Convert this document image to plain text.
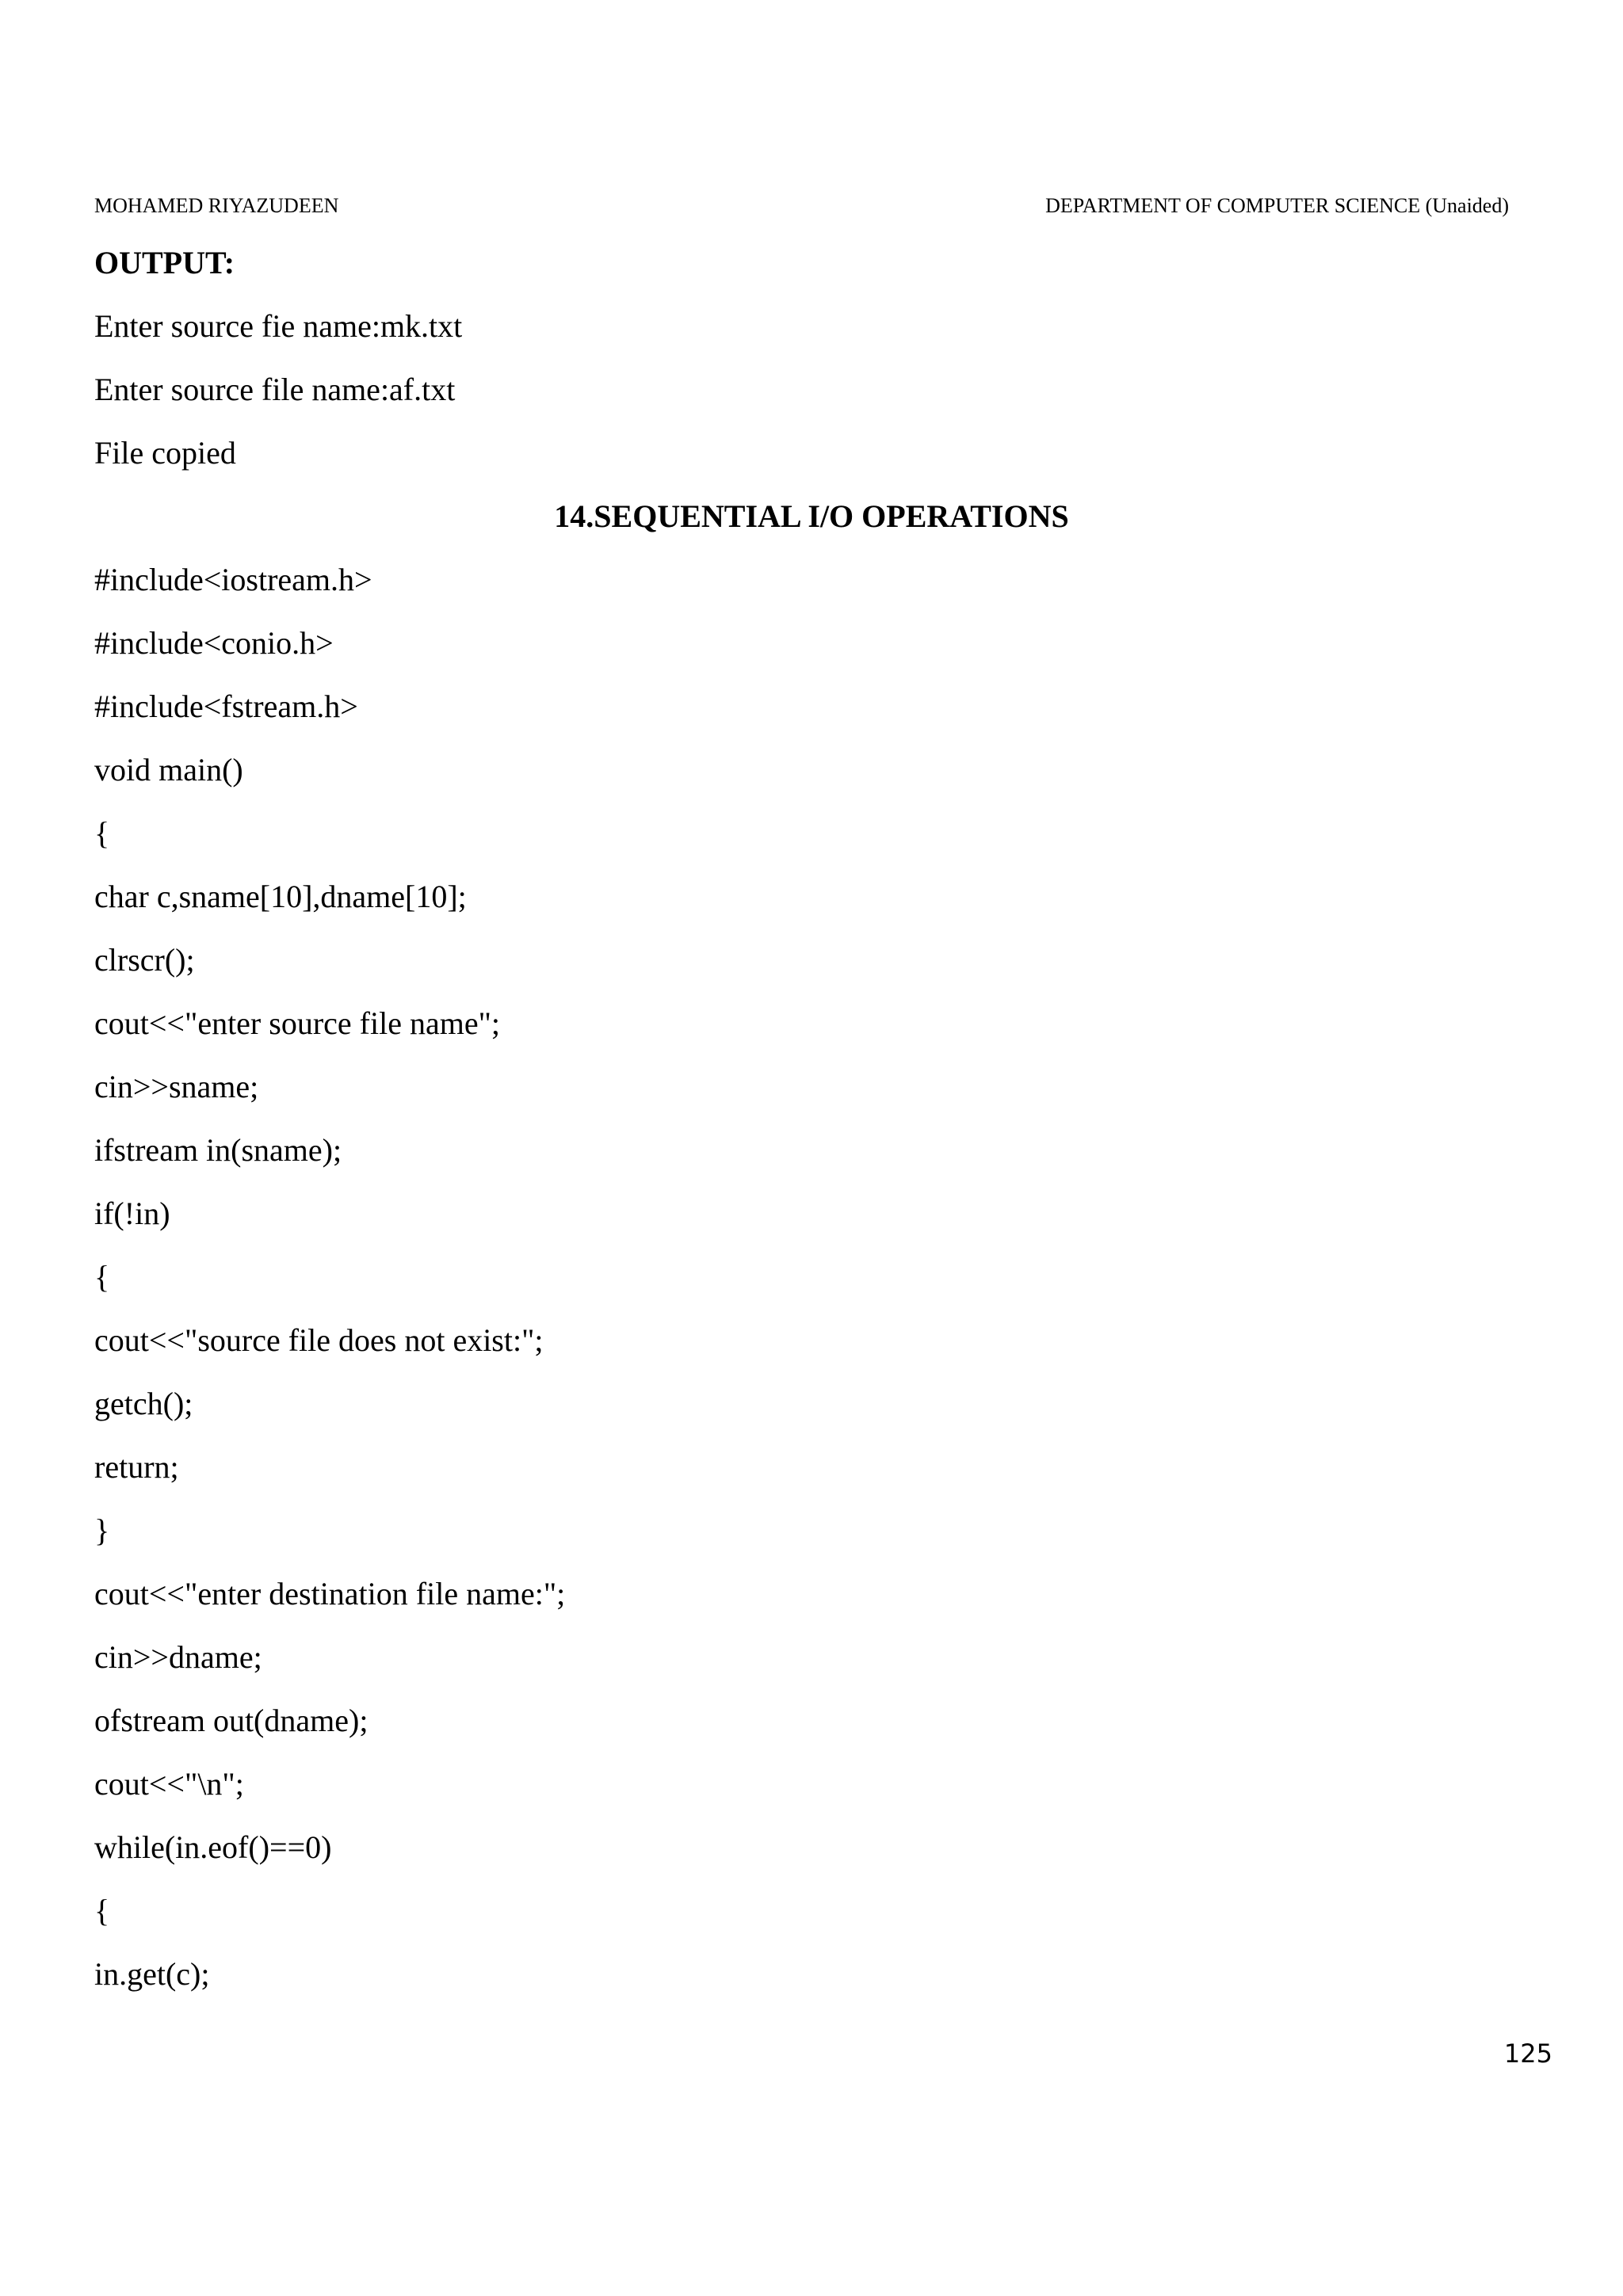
MOHAMED RIYAZUDEEN	DEPARTMENT OF COMPUTER SCIENCE (Unaided)
OUTPUT:
Enter source fie name:mk.txt
Enter source file name:af.txt
File copied
14.SEQUENTIAL I/O OPERATIONS
#include<iostream.h>
#include<conio.h>
#include<fstream.h>
void main()
{
char c,sname[10],dname[10];
clrscr();
cout<<"enter source file name";
cin>>sname;
ifstream in(sname);
if(!in)
{
cout<<"source file does not exist:";
getch();
return;
}
cout<<"enter destination file name:";
cin>>dname;
ofstream out(dname);
cout<<"\n";
while(in.eof()==0)
{
in.get(c);
125
